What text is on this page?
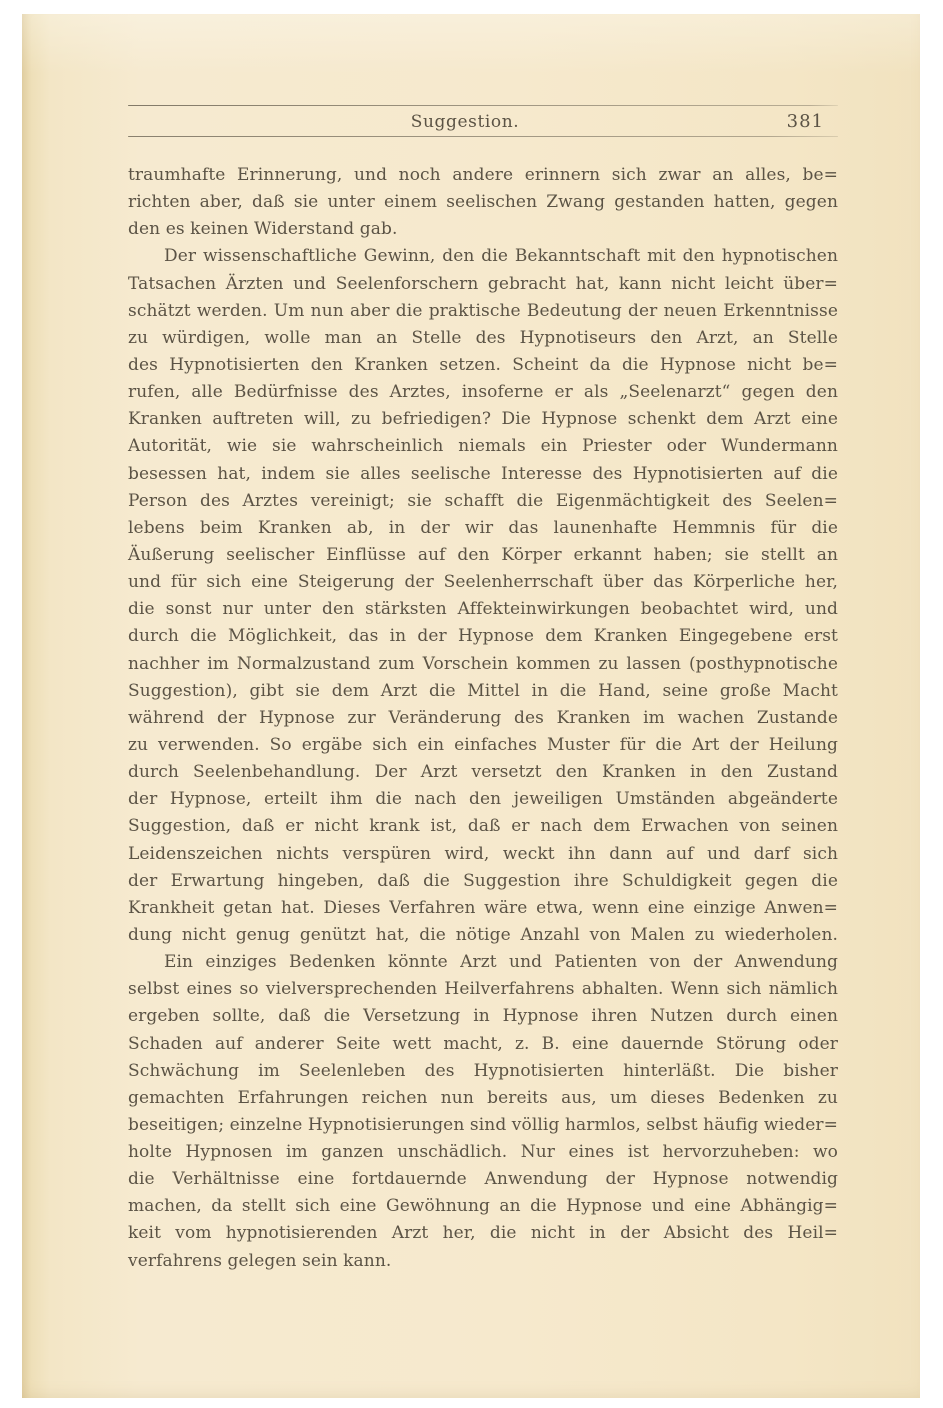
Suggestion.	381
traumhafte Erinnerung, und noch andere erinnern sich zwar an alles, be=
richten aber, daß sie unter einem seelischen Zwang gestanden hatten, gegen
den es keinen Widerstand gab.
Der wissenschaftliche Gewinn, den die Bekanntschaft mit den hypnotischen
Tatsachen Ärzten und Seelenforschern gebracht hat, kann nicht leicht über=
schätzt werden. Um nun aber die praktische Bedeutung der neuen Erkenntnisse
zu würdigen, wolle man an Stelle des Hypnotiseurs den Arzt, an Stelle
des Hypnotisierten den Kranken setzen. Scheint da die Hypnose nicht be=
rufen, alle Bedürfnisse des Arztes, insoferne er als „Seelenarzt“ gegen den
Kranken auftreten will, zu befriedigen? Die Hypnose schenkt dem Arzt eine
Autorität, wie sie wahrscheinlich niemals ein Priester oder Wundermann
besessen hat, indem sie alles seelische Interesse des Hypnotisierten auf die
Person des Arztes vereinigt; sie schafft die Eigenmächtigkeit des Seelen=
lebens beim Kranken ab, in der wir das launenhafte Hemmnis für die
Äußerung seelischer Einflüsse auf den Körper erkannt haben; sie stellt an
und für sich eine Steigerung der Seelenherrschaft über das Körperliche her,
die sonst nur unter den stärksten Affekteinwirkungen beobachtet wird, und
durch die Möglichkeit, das in der Hypnose dem Kranken Eingegebene erst
nachher im Normalzustand zum Vorschein kommen zu lassen (posthypnotische
Suggestion), gibt sie dem Arzt die Mittel in die Hand, seine große Macht
während der Hypnose zur Veränderung des Kranken im wachen Zustande
zu verwenden. So ergäbe sich ein einfaches Muster für die Art der Heilung
durch Seelenbehandlung. Der Arzt versetzt den Kranken in den Zustand
der Hypnose, erteilt ihm die nach den jeweiligen Umständen abgeänderte
Suggestion, daß er nicht krank ist, daß er nach dem Erwachen von seinen
Leidenszeichen nichts verspüren wird, weckt ihn dann auf und darf sich
der Erwartung hingeben, daß die Suggestion ihre Schuldigkeit gegen die
Krankheit getan hat. Dieses Verfahren wäre etwa, wenn eine einzige Anwen=
dung nicht genug genützt hat, die nötige Anzahl von Malen zu wiederholen.
Ein einziges Bedenken könnte Arzt und Patienten von der Anwendung
selbst eines so vielversprechenden Heilverfahrens abhalten. Wenn sich nämlich
ergeben sollte, daß die Versetzung in Hypnose ihren Nutzen durch einen
Schaden auf anderer Seite wett macht, z. B. eine dauernde Störung oder
Schwächung im Seelenleben des Hypnotisierten hinterläßt. Die bisher
gemachten Erfahrungen reichen nun bereits aus, um dieses Bedenken zu
beseitigen; einzelne Hypnotisierungen sind völlig harmlos, selbst häufig wieder=
holte Hypnosen im ganzen unschädlich. Nur eines ist hervorzuheben: wo
die Verhältnisse eine fortdauernde Anwendung der Hypnose notwendig
machen, da stellt sich eine Gewöhnung an die Hypnose und eine Abhängig=
keit vom hypnotisierenden Arzt her, die nicht in der Absicht des Heil=
verfahrens gelegen sein kann.
